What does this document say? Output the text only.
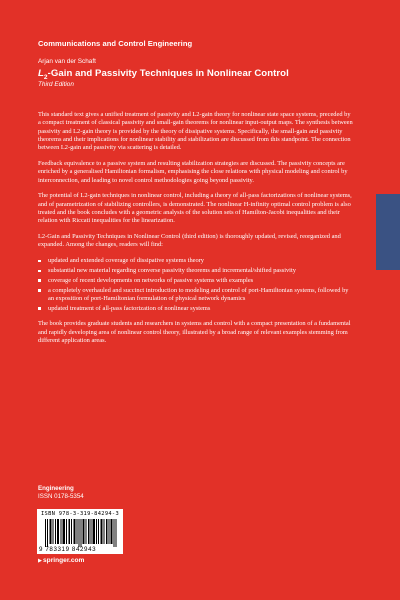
Communications and Control Engineering
Arjan van der Schaft
$L_2$-Gain and Passivity Techniques in Nonlinear Control
Third Edition

This standard text gives a unified treatment of passivity and L2-gain theory for nonlinear state space systems, preceded by a compact treatment of classical passivity and small-gain theorems for nonlinear input-output maps. The synthesis between passivity and L2-gain theory is provided by the theory of dissipative systems. Specifically, the small-gain and passivity theorems and their implications for nonlinear stability and stabilization are discussed from this standpoint. The connection between L2-gain and passivity via scattering is detailed.

Feedback equivalence to a passive system and resulting stabilization strategies are discussed. The passivity concepts are enriched by a generalised Hamiltonian formalism, emphasising the close relations with physical modeling and control by interconnection, and leading to novel control methodologies going beyond passivity.

The potential of L2-gain techniques in nonlinear control, including a theory of all-pass factorizations of nonlinear systems, and of parametrization of stabilizing controllers, is demonstrated. The nonlinear H-infinity optimal control problem is also treated and the book concludes with a geometric analysis of the solution sets of Hamilton-Jacobi inequalities and their relation with Riccati inequalities for the linearization.

L2-Gain and Passivity Techniques in Nonlinear Control (third edition) is thoroughly updated, revised, reorganized and expanded. Among the changes, readers will find:

updated and extended coverage of dissipative systems theory
substantial new material regarding converse passivity theorems and incremental/shifted passivity
coverage of recent developments on networks of passive systems with examples
a completely overhauled and succinct introduction to modeling and control of port-Hamiltonian systems, followed by an exposition of port-Hamiltonian formulation of physical network dynamics
updated treatment of all-pass factorization of nonlinear systems

The book provides graduate students and researchers in systems and control with a compact presentation of a fundamental and rapidly developing area of nonlinear control theory, illustrated by a broad range of relevant examples stemming from different application areas.

Engineering
ISSN 0178-5354
ISBN 978-3-319-84294-3
9 783319 842943
▶springer.com
